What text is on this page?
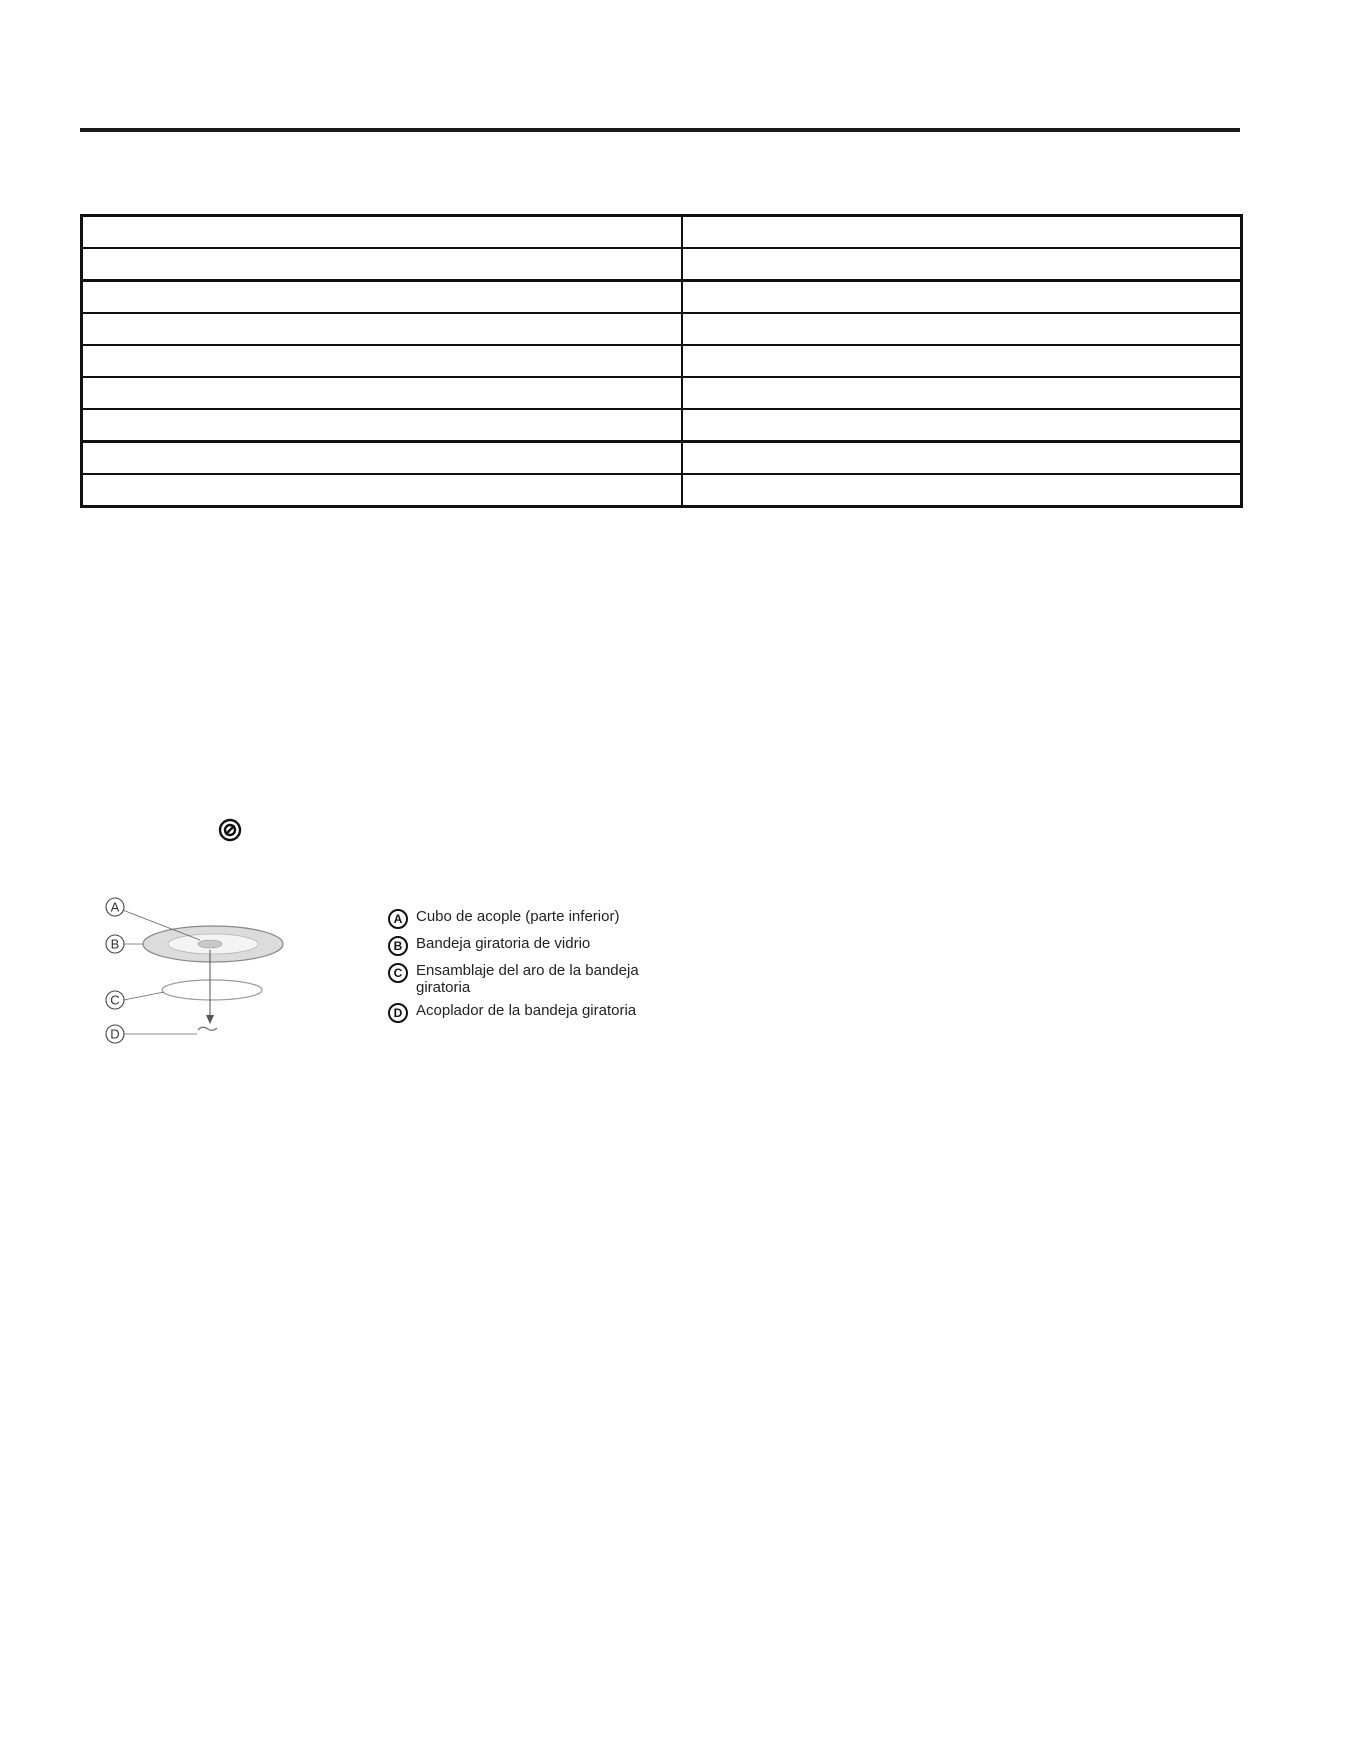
A
B
C
D
A Cubo de acople (parte inferior)
B Bandeja giratoria de vidrio
C Ensamblaje del aro de la bandeja giratoria
D Acoplador de la bandeja giratoria
